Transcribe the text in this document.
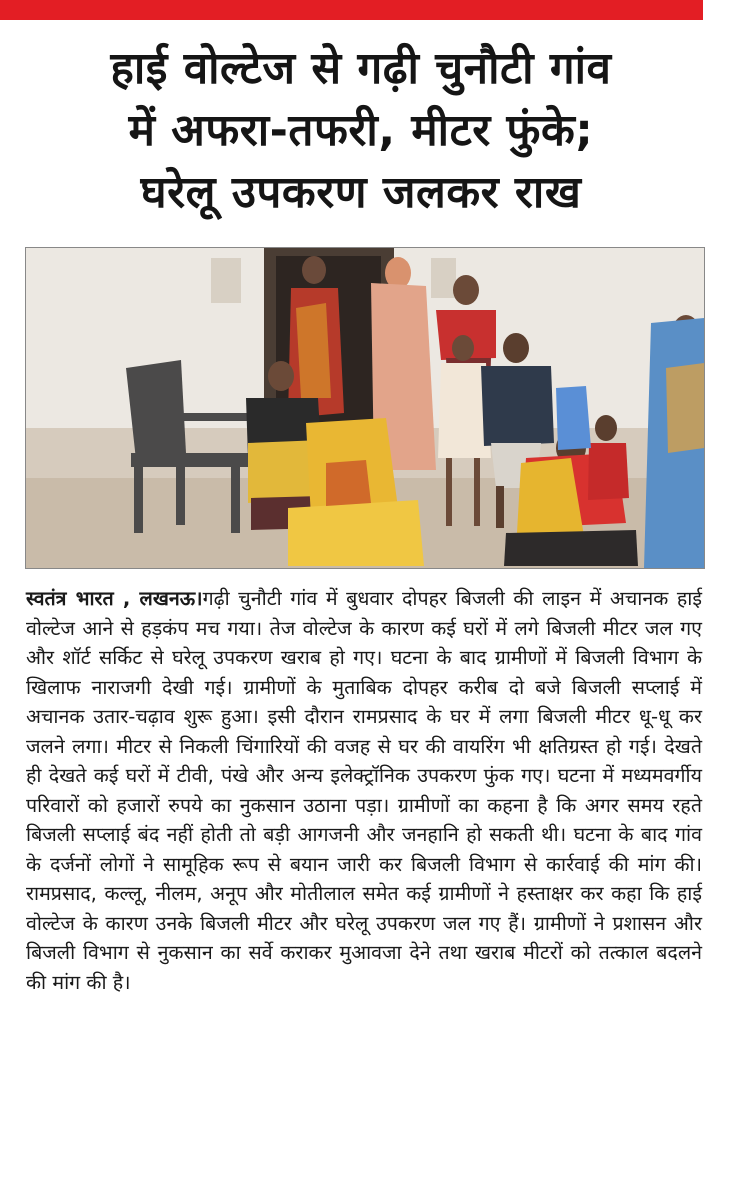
हाई वोल्टेज से गढ़ी चुनौटी गांव
में अफरा-तफरी, मीटर फुंके;
घरेलू उपकरण जलकर राख

स्वतंत्र भारत , लखनऊ।गढ़ी चुनौटी गांव में बुधवार दोपहर बिजली की लाइन में अचानक हाई वोल्टेज आने से हड़कंप मच गया। तेज वोल्टेज के कारण कई घरों में लगे बिजली मीटर जल गए और शॉर्ट सर्किट से घरेलू उपकरण खराब हो गए। घटना के बाद ग्रामीणों में बिजली विभाग के खिलाफ नाराजगी देखी गई। ग्रामीणों के मुताबिक दोपहर करीब दो बजे बिजली सप्लाई में अचानक उतार-चढ़ाव शुरू हुआ। इसी दौरान रामप्रसाद के घर में लगा बिजली मीटर धू-धू कर जलने लगा। मीटर से निकली चिंगारियों की वजह से घर की वायरिंग भी क्षतिग्रस्त हो गई। देखते ही देखते कई घरों में टीवी, पंखे और अन्य इलेक्ट्रॉनिक उपकरण फुंक गए। घटना में मध्यमवर्गीय परिवारों को हजारों रुपये का नुकसान उठाना पड़ा। ग्रामीणों का कहना है कि अगर समय रहते बिजली सप्लाई बंद नहीं होती तो बड़ी आगजनी और जनहानि हो सकती थी। घटना के बाद गांव के दर्जनों लोगों ने सामूहिक रूप से बयान जारी कर बिजली विभाग से कार्रवाई की मांग की। रामप्रसाद, कल्लू, नीलम, अनूप और मोतीलाल समेत कई ग्रामीणों ने हस्ताक्षर कर कहा कि हाई वोल्टेज के कारण उनके बिजली मीटर और घरेलू उपकरण जल गए हैं। ग्रामीणों ने प्रशासन और बिजली विभाग से नुकसान का सर्वे कराकर मुआवजा देने तथा खराब मीटरों को तत्काल बदलने की मांग की है।
